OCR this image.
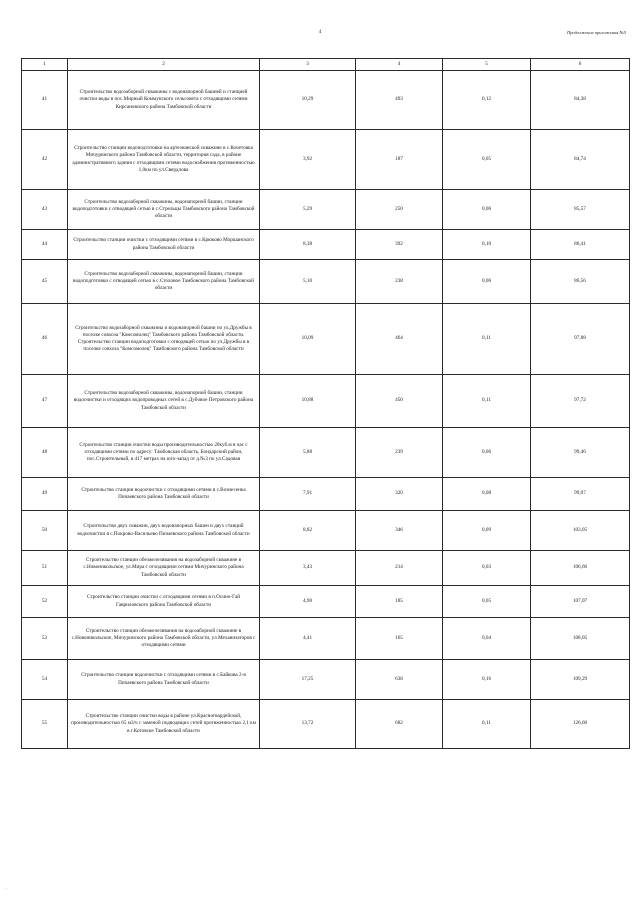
4	Продолжение приложения №5
1	2	3	4	5	6
41	Строительство водозаборной скважины с водонапорной башней и станцией очистки воды в пос.Мирный Коммунского сельсовета с отходящими сетями Кирсановского района Тамбовской области	10,29	493	0,12	84,38
42	Строительство станции водоподготовки на артезианской скважине в с.Кочетовка Мичуринского района Тамбовской области, территория сада, в районе административного здания с отходящими сетями водоснабжения протяженностью 1,0км по ул.Свердлова	3,92	187	0,05	84,74
43	Строительство водозаборной скважины, водонапорной башни, станции водоподготовки с отводящей сетью в с.Стрельцы Тамбовского района Тамбовской области	5,29	250	0,06	85,57
44	Строительство станции очистки с отходящими сетями в с.Крюково Моршанского района Тамбовской области	8,38	392	0,10	86,41
45	Строительство водозаборной скважины, водонапорной башни, станции водоподготовки с отводящей сетью в с.Столовое Тамбовского района Тамбовской области	5,10	238	0,06	86,56
46	Строительство водозаборной скважины и водонапорной башни по ул.Дружбы в поселке совхоза "Комсомолец" Тамбовского района Тамбовской области. Строительство станции водоподготовки с отводящей сетью по ул.Дружбы в в поселке совхоза "Комсомолец" Тамбовского района Тамбовской области	10,09	464	0,11	97,88
47	Строительство водозаборной скважины, водонапорной башни, станции водоочистки и отходящих водопроводных сетей в с.Дубовое Петровского района Тамбовской области	10,88	450	0,11	97,72
48	Строительство станции очистки воды производительностью 20куб.м в час с отходящими сетями по адресу: Тамбовская область, Бондарский район, пос.Строительный, в 417 метрах на юго-запад от д.№3 по ул.Садовая	5,88	239	0,06	99,46
49	Строительство станции водоочистки с отходящими сетями в с.Вознесенка Пичаевского района Тамбовской области	7,91	320	0,08	99,07
50	Строительство двух скважин, двух водонапорных башен и двух станций водоочистки в с.Покрово-Васильево Пичаевского района Тамбовской области	8,82	346	0,09	103,05
51	Строительство станции обезжелезивания на водозаборной скважине в с.Новоникольское, ул.Мира с отходящими сетями Мичуринского района Тамбовской области	3,43	214	0,03	106,66
52	Строительство станции очистки с отходящими сетями в п.Осино-Гай Гавриловского района Тамбовской области	4,90	185	0,05	107,07
53	Строительство станции обезжелезивания на водозаборной скважине в с.Новоникольское, Мичуринского района Тамбовской области, ул.Механизаторов с отходящими сетями	4,41	165	0,04	108,05
54	Строительство станции водоочистки с отходящими сетями в с.Байкова 2-я Пичаевского района Тамбовской области	17,25	638	0,16	109,29
55	Строительство станции очистки воды в районе ул.Красногвардейской, производительностью 65 м3/ч с заменой подводящих сетей протяженностью 2,1 км в г.Котовске Тамбовской области	13,72	682	0,11	126,60
·
